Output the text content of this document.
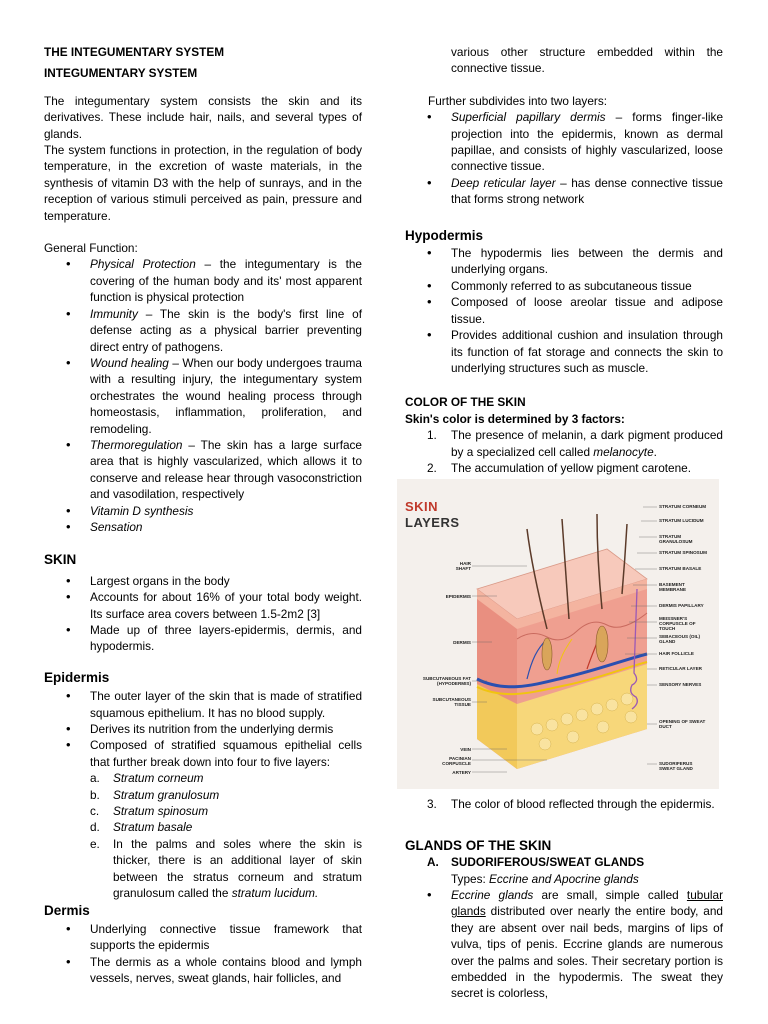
THE INTEGUMENTARY SYSTEM

INTEGUMENTARY SYSTEM

The integumentary system consists the skin and its derivatives. These include hair, nails, and several types of glands.

The system functions in protection, in the regulation of body temperature, in the excretion of waste materials, in the synthesis of vitamin D3 with the help of sunrays, and in the reception of various stimuli perceived as pain, pressure and temperature.

General Function:

• Physical Protection – the integumentary is the covering of the human body and its' most apparent function is physical protection
• Immunity – The skin is the body's first line of defense acting as a physical barrier preventing direct entry of pathogens.
• Wound healing – When our body undergoes trauma with a resulting injury, the integumentary system orchestrates the wound healing process through homeostasis, inflammation, proliferation, and remodeling.
• Thermoregulation – The skin has a large surface area that is highly vascularized, which allows it to conserve and release hear through vasoconstriction and vasodilation, respectively
• Vitamin D synthesis
• Sensation

SKIN

• Largest organs in the body
• Accounts for about 16% of your total body weight. Its surface area covers between 1.5-2m2 [3]
• Made up of three layers-epidermis, dermis, and hypodermis.

Epidermis

• The outer layer of the skin that is made of stratified squamous epithelium. It has no blood supply.
• Derives its nutrition from the underlying dermis
• Composed of stratified squamous epithelial cells that further break down into four to five layers:
a. Stratum corneum
b. Stratum granulosum
c. Stratum spinosum
d. Stratum basale
e. In the palms and soles where the skin is thicker, there is an additional layer of skin between the stratus corneum and stratum granulosum called the stratum lucidum.

Dermis

• Underlying connective tissue framework that supports the epidermis
• The dermis as a whole contains blood and lymph vessels, nerves, sweat glands, hair follicles, and

various other structure embedded within the connective tissue.

Further subdivides into two layers:

• Superficial papillary dermis – forms finger-like projection into the epidermis, known as dermal papillae, and consists of highly vascularized, loose connective tissue.
• Deep reticular layer – has dense connective tissue that forms strong network

Hypodermis

• The hypodermis lies between the dermis and underlying organs.
• Commonly referred to as subcutaneous tissue
• Composed of loose areolar tissue and adipose tissue.
• Provides additional cushion and insulation through its function of fat storage and connects the skin to underlying structures such as muscle.

COLOR OF THE SKIN

Skin's color is determined by 3 factors:

1. The presence of melanin, a dark pigment produced by a specialized cell called melanocyte.
2. The accumulation of yellow pigment carotene.
SKIN
LAYERS
HAIR SHAFT
EPIDERMIS
DERMIS
SUBCUTANEOUS FAT (HYPODERMIS)
SUBCUTANEOUS TISSUE
VEIN
PACINIAN CORPUSCLE
ARTERY
STRATUM CORNEUM
STRATUM LUCIDUM
STRATUM GRANULOSUM
STRATUM SPINOSUM
STRATUM BASALE
BASEMENT MEMBRANE
DERMIS PAPILLARY
MEISSNER'S CORPUSCLE OF TOUCH
SEBACEOUS (OIL) GLAND
HAIR FOLLICLE
RETICULAR LAYER
SENSORY NERVES
OPENING OF SWEAT DUCT
SUDORIFERUS SWEAT GLAND
3. The color of blood reflected through the epidermis.

GLANDS OF THE SKIN

A. SUDORIFEROUS/SWEAT GLANDS

Types: Eccrine and Apocrine glands

• Eccrine glands are small, simple called tubular glands distributed over nearly the entire body, and they are absent over nail beds, margins of lips of vulva, tips of penis. Eccrine glands are numerous over the palms and soles. Their secretary portion is embedded in the hypodermis. The sweat they secret is colorless,
